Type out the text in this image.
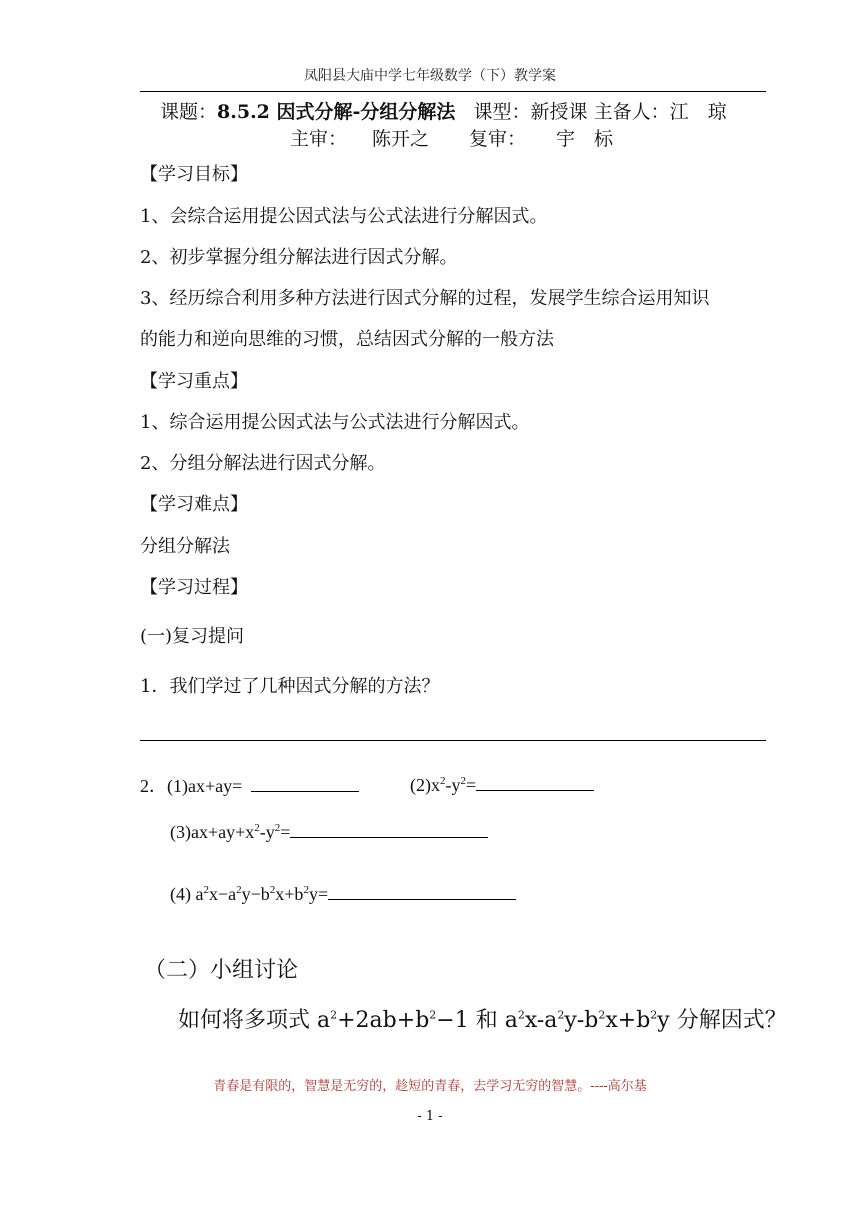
凤阳县大庙中学七年级数学（下）教学案
课题：8.5.2 因式分解-分组分解法 课型：新授课 主备人：江　琼
主审： 陈开之 复审： 宇　标
【学习目标】
1、会综合运用提公因式法与公式法进行分解因式。
2、初步掌握分组分解法进行因式分解。
3、经历综合利用多种方法进行因式分解的过程，发展学生综合运用知识
的能力和逆向思维的习惯，总结因式分解的一般方法
【学习重点】
1、综合运用提公因式法与公式法进行分解因式。
2、分组分解法进行因式分解。
【学习难点】
分组分解法
【学习过程】
(一)复习提问
1．我们学过了几种因式分解的方法？
2．(1)ax+ay=	$(2)x^2-y^2=$
$(3)ax+ay+x^2-y^2=$
(4) $a^2x-a^2y-b^2x+b^2y=$
（二）小组讨论
如何将多项式 $a^2+2ab+b^2-1$ 和 $a^2x-a^2y-b^2x+b^2y$ 分解因式？
青春是有限的，智慧是无穷的，趁短的青春，去学习无穷的智慧。----高尔基
- 1 -
